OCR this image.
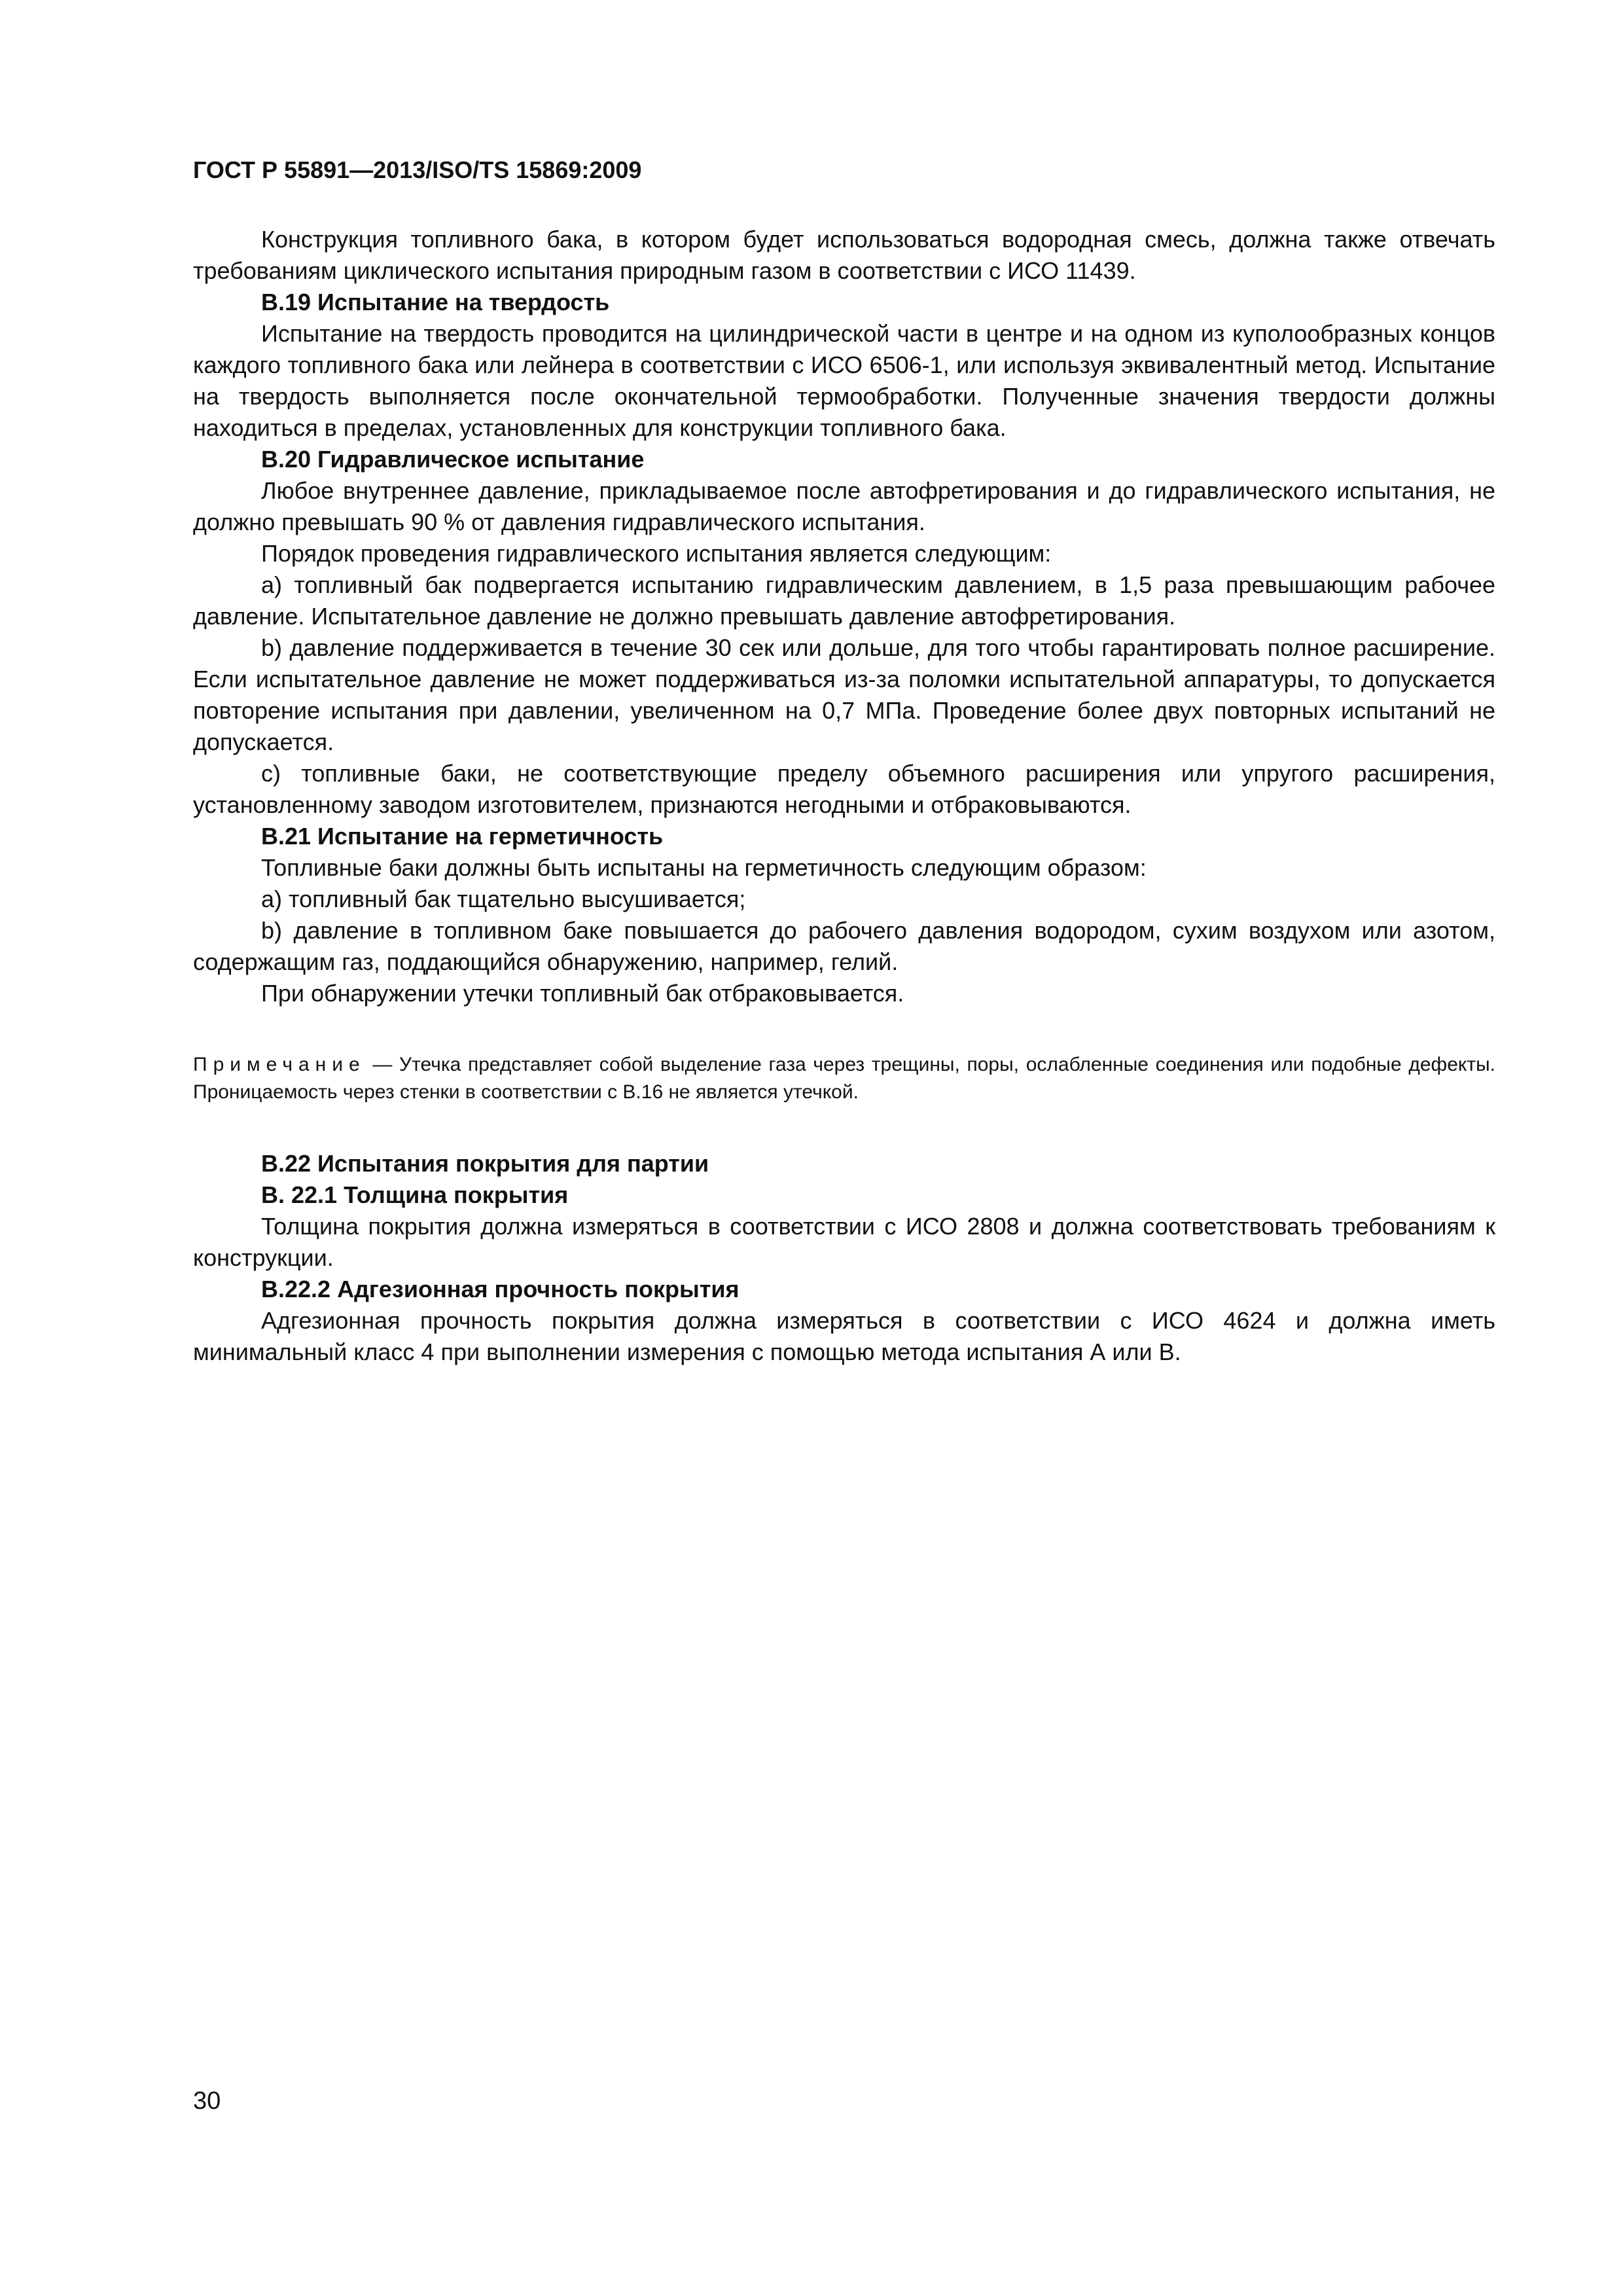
ГОСТ Р 55891—2013/ISO/TS 15869:2009

Конструкция топливного бака, в котором будет использоваться водородная смесь, должна также отвечать требованиям циклического испытания природным газом в соответствии с ИСО 11439.

В.19 Испытание на твердость

Испытание на твердость проводится на цилиндрической части в центре и на одном из куполообразных концов каждого топливного бака или лейнера в соответствии с ИСО 6506-1, или используя эквивалентный метод. Испытание на твердость выполняется после окончательной термообработки. Полученные значения твердости должны находиться в пределах, установленных для конструкции топливного бака.

В.20 Гидравлическое испытание

Любое внутреннее давление, прикладываемое после автофретирования и до гидравлического испытания, не должно превышать 90 % от давления гидравлического испытания.

Порядок проведения гидравлического испытания является следующим:

a) топливный бак подвергается испытанию гидравлическим давлением, в 1,5 раза превышающим рабочее давление. Испытательное давление не должно превышать давление автофретирования.

b) давление поддерживается в течение 30 сек или дольше, для того чтобы гарантировать полное расширение. Если испытательное давление не может поддерживаться из-за поломки испытательной аппаратуры, то допускается повторение испытания при давлении, увеличенном на 0,7 МПа. Проведение более двух повторных испытаний не допускается.

c) топливные баки, не соответствующие пределу объемного расширения или упругого расширения, установленному заводом изготовителем, признаются негодными и отбраковываются.

В.21 Испытание на герметичность

Топливные баки должны быть испытаны на герметичность следующим образом:

a) топливный бак тщательно высушивается;

b) давление в топливном баке повышается до рабочего давления водородом, сухим воздухом или азотом, содержащим газ, поддающийся обнаружению, например, гелий.

При обнаружении утечки топливный бак отбраковывается.

Примечание — Утечка представляет собой выделение газа через трещины, поры, ослабленные соединения или подобные дефекты. Проницаемость через стенки в соответствии с В.16 не является утечкой.

В.22 Испытания покрытия для партии

В. 22.1 Толщина покрытия

Толщина покрытия должна измеряться в соответствии с ИСО 2808 и должна соответствовать требованиям к конструкции.

В.22.2 Адгезионная прочность покрытия

Адгезионная прочность покрытия должна измеряться в соответствии с ИСО 4624 и должна иметь минимальный класс 4 при выполнении измерения с помощью метода испытания А или В.

30
